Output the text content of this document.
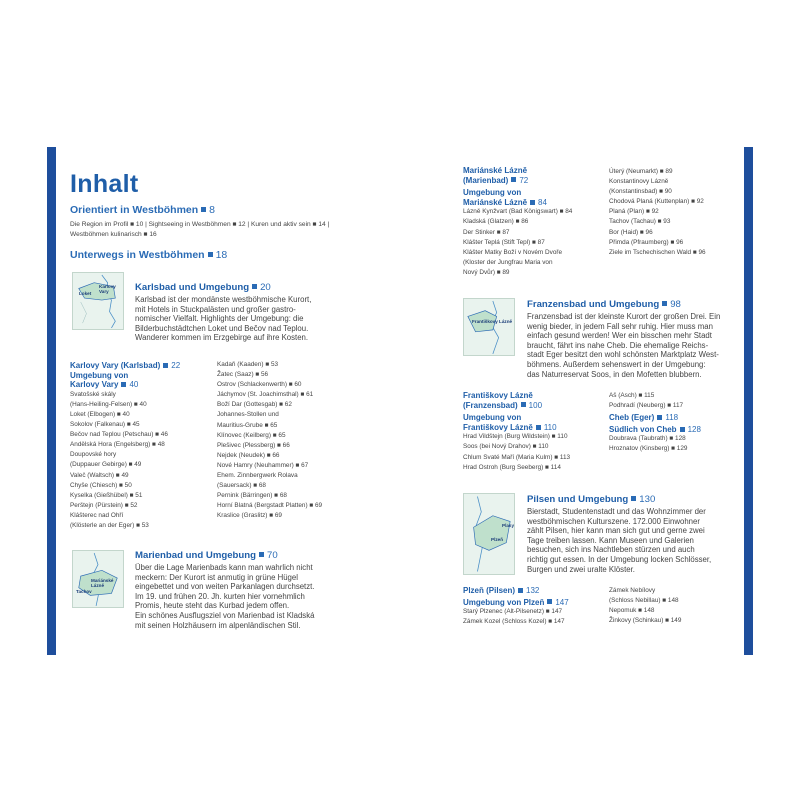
Inhalt
Orientiert in Westböhmen 8
Die Region im Profil ■ 10 | Sightseeing in Westböhmen ■ 12 | Kuren und aktiv sein ■ 14 |
Westböhmen kulinarisch ■ 16
Unterwegs in Westböhmen 18
Karlovy Vary
Loket
Karlsbad und Umgebung 20
Karlsbad ist der mondänste westböhmische Kurort,
mit Hotels in Stuckpalästen und großer gastro-
nomischer Vielfalt. Highlights der Umgebung: die
Bilderbuchstädtchen Loket und Bečov nad Teplou.
Wanderer kommen im Erzgebirge auf ihre Kosten.
Karlovy Vary (Karlsbad) 22
Umgebung von
Karlovy Vary 40
Svatošské skály
(Hans-Heiling-Felsen) ■ 40
Loket (Elbogen) ■ 40
Sokolov (Falkenau) ■ 45
Bečov nad Teplou (Petschau) ■ 46
Andělská Hora (Engelsberg) ■ 48
Doupovské hory
(Duppauer Gebirge) ■ 49
Valeč (Waltsch) ■ 49
Chyše (Chiesch) ■ 50
Kyselka (Gießhübel) ■ 51
Perštejn (Pürstein) ■ 52
Klášterec nad Ohří
(Klösterle an der Eger) ■ 53
Kadaň (Kaaden) ■ 53
Žatec (Saaz) ■ 56
Ostrov (Schlackenwerth) ■ 60
Jáchymov (St. Joachimsthal) ■ 61
Boží Dar (Gottesgab) ■ 62
Johannes-Stollen und
Mauritius-Grube ■ 65
Klínovec (Keilberg) ■ 65
Plešivec (Plessberg) ■ 66
Nejdek (Neudek) ■ 66
Nové Hamry (Neuhammer) ■ 67
Ehem. Zinnbergwerk Rolava
(Sauersack) ■ 68
Pernink (Bärringen) ■ 68
Horní Blatná (Bergstadt Platten) ■ 69
Kraslice (Graslitz) ■ 69
Mariánské Lázně
Tachov
Marienbad und Umgebung 70
Über die Lage Marienbads kann man wahrlich nicht
meckern: Der Kurort ist anmutig in grüne Hügel
eingebettet und von weiten Parkanlagen durchsetzt.
Im 19. und frühen 20. Jh. kurten hier vornehmlich
Promis, heute steht das Kurbad jedem offen.
Ein schönes Ausflugsziel von Marienbad ist Kladská
mit seinen Holzhäusern im alpenländischen Stil.
Mariánské Lázně
(Marienbad) 72
Umgebung von
Mariánské Lázně 84
Lázně Kynžvart (Bad Königswart) ■ 84
Kladská (Glatzen) ■ 86
Der Stinker ■ 87
Klášter Teplá (Stift Tepl) ■ 87
Klášter Matky Boží v Novém Dvoře
(Kloster der Jungfrau Maria von
Nový Dvůr) ■ 89
Úterý (Neumarkt) ■ 89
Konstantinovy Lázně
(Konstantinsbad) ■ 90
Chodová Planá (Kuttenplan) ■ 92
Planá (Plan) ■ 92
Tachov (Tachau) ■ 93
Bor (Haid) ■ 96
Přimda (Pfraumberg) ■ 96
Ziele im Tschechischen Wald ■ 96
Františkovy Lázně
Franzensbad und Umgebung 98
Franzensbad ist der kleinste Kurort der großen Drei. Ein
wenig bieder, in jedem Fall sehr ruhig. Hier muss man
einfach gesund werden! Wer ein bisschen mehr Stadt
braucht, fährt ins nahe Cheb. Die ehemalige Reichs-
stadt Eger besitzt den wohl schönsten Marktplatz West-
böhmens. Außerdem sehenswert in der Umgebung:
das Naturreservat Soos, in den Mofetten blubbern.
Františkovy Lázně
(Franzensbad) 100
Umgebung von
Františkovy Lázně 110
Hrad Vildštejn (Burg Wildstein) ■ 110
Soos (bei Nový Drahov) ■ 110
Chlum Svaté Maří (Maria Kulm) ■ 113
Hrad Ostroh (Burg Seeberg) ■ 114
Aš (Asch) ■ 115
Podhradí (Neuberg) ■ 117
Cheb (Eger) 118
Südlich von Cheb 128
Doubrava (Taubrath) ■ 128
Hroznatov (Kinsberg) ■ 129
Plasy
Plzeň
Pilsen und Umgebung 130
Bierstadt, Studentenstadt und das Wohnzimmer der
westböhmischen Kulturszene. 172.000 Einwohner
zählt Pilsen, hier kann man sich gut und gerne zwei
Tage treiben lassen. Kann Museen und Galerien
besuchen, sich ins Nachtleben stürzen und auch
richtig gut essen. In der Umgebung locken Schlösser,
Burgen und zwei uralte Klöster.
Plzeň (Pilsen) 132
Umgebung von Plzeň 147
Starý Plzenec (Alt-Pilsenetz) ■ 147
Zámek Kozel (Schloss Kozel) ■ 147
Zámek Nebílovy
(Schloss Nebillau) ■ 148
Nepomuk ■ 148
Žinkovy (Schinkau) ■ 149
